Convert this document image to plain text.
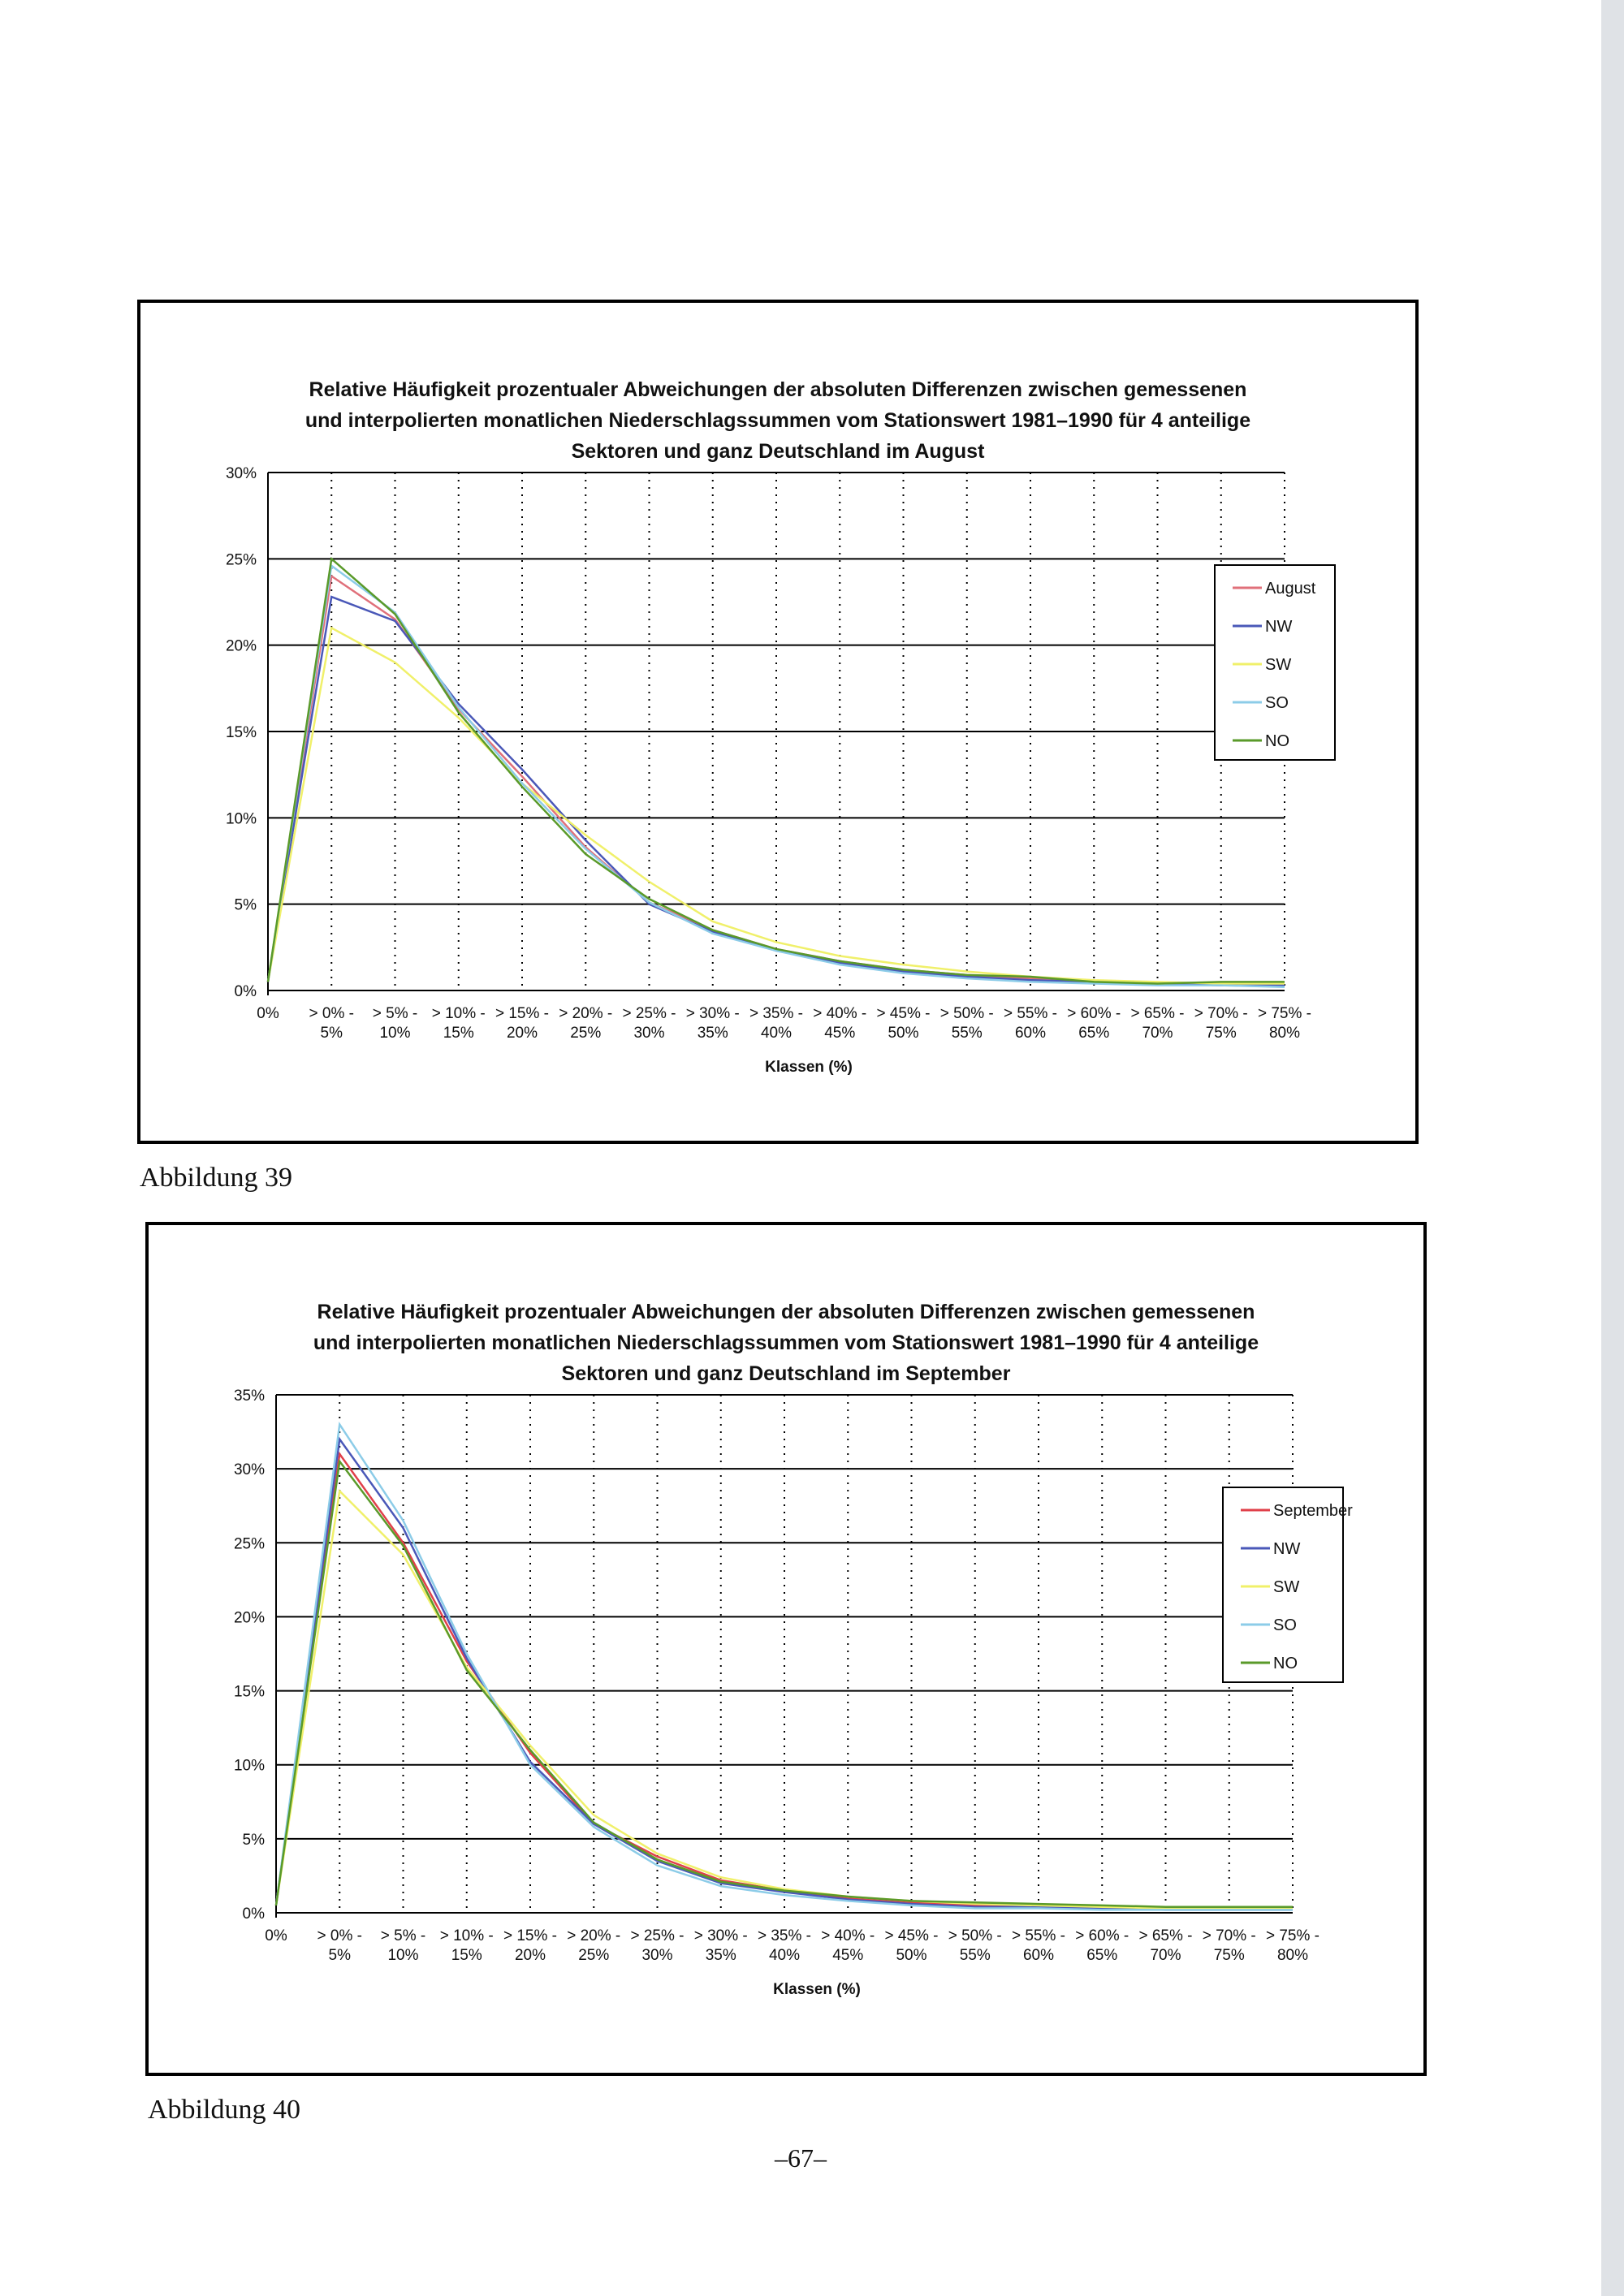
Relative Häufigkeit prozentualer Abweichungen der absoluten Differenzen zwischen gemessenen
und interpolierten monatlichen Niederschlagssummen vom Stationswert 1981–1990 für 4 anteilige
Sektoren und ganz Deutschland im August
0%
5%
10%
15%
20%
25%
30%
0% > 0% -5%
> 5% -10%
> 10% -15%
> 15% -20%
> 20% -25%
> 25% -30%
> 30% -35%
> 35% -40%
> 40% -45%
> 45% -50%
> 50% -55%
> 55% -60%
> 60% -65%
> 65% -70%
> 70% -75%
> 75% -80%
Klassen (%)
August
NW
SW
SO
NO
Abbildung 39
Relative Häufigkeit prozentualer Abweichungen der absoluten Differenzen zwischen gemessenen
und interpolierten monatlichen Niederschlagssummen vom Stationswert 1981–1990 für 4 anteilige
Sektoren und ganz Deutschland im September
0%
5%
10%
15%
20%
25%
30%
35%
0% > 0% -5%
> 5% -10%
> 10% -15%
> 15% -20%
> 20% -25%
> 25% -30%
> 30% -35%
> 35% -40%
> 40% -45%
> 45% -50%
> 50% -55%
> 55% -60%
> 60% -65%
> 65% -70%
> 70% -75%
> 75% -80%
Klassen (%)
September
NW
SW
SO
NO
Abbildung 40
–67–
